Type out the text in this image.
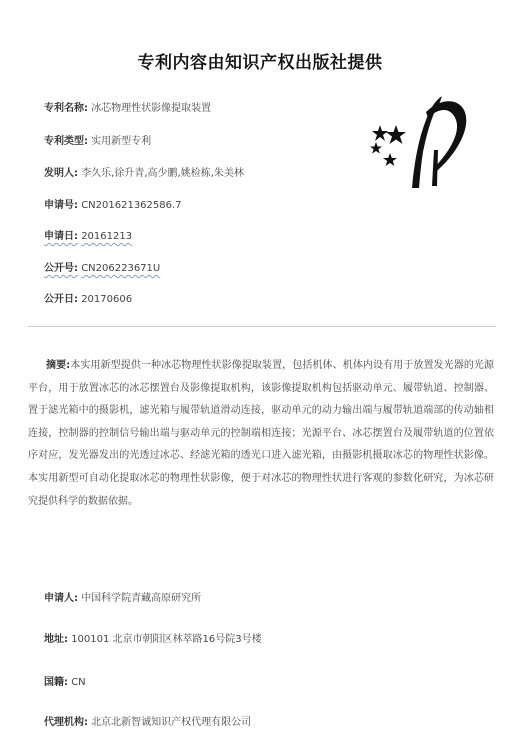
专利内容由知识产权出版社提供
专利名称: 冰芯物理性状影像提取装置
专利类型: 实用新型专利
发明人: 李久乐,徐升青,高少鹏,姚检栋,朱美林
申请号: CN201621362586.7
申请日: 20161213
公开号: CN206223671U
公开日: 20170606
摘要:本实用新型提供一种冰芯物理性状影像提取装置，包括机体、机体内设有用于放置发光器的光源平台，用于放置冰芯的冰芯摆置台及影像提取机构，该影像提取机构包括驱动单元、履带轨道、控制器、置于滤光箱中的摄影机，滤光箱与履带轨道滑动连接，驱动单元的动力输出端与履带轨道端部的传动轴相连接，控制器的控制信号输出端与驱动单元的控制端相连接；光源平台、冰芯摆置台及履带轨道的位置依序对应，发光器发出的光透过冰芯、经滤光箱的透光口进入滤光箱，由摄影机摄取冰芯的物理性状影像。本实用新型可自动化提取冰芯的物理性状影像，便于对冰芯的物理性状进行客观的参数化研究，为冰芯研究提供科学的数据依据。
申请人: 中国科学院青藏高原研究所
地址: 100101 北京市朝阳区林萃路16号院3号楼
国籍: CN
代理机构: 北京北新智诚知识产权代理有限公司
